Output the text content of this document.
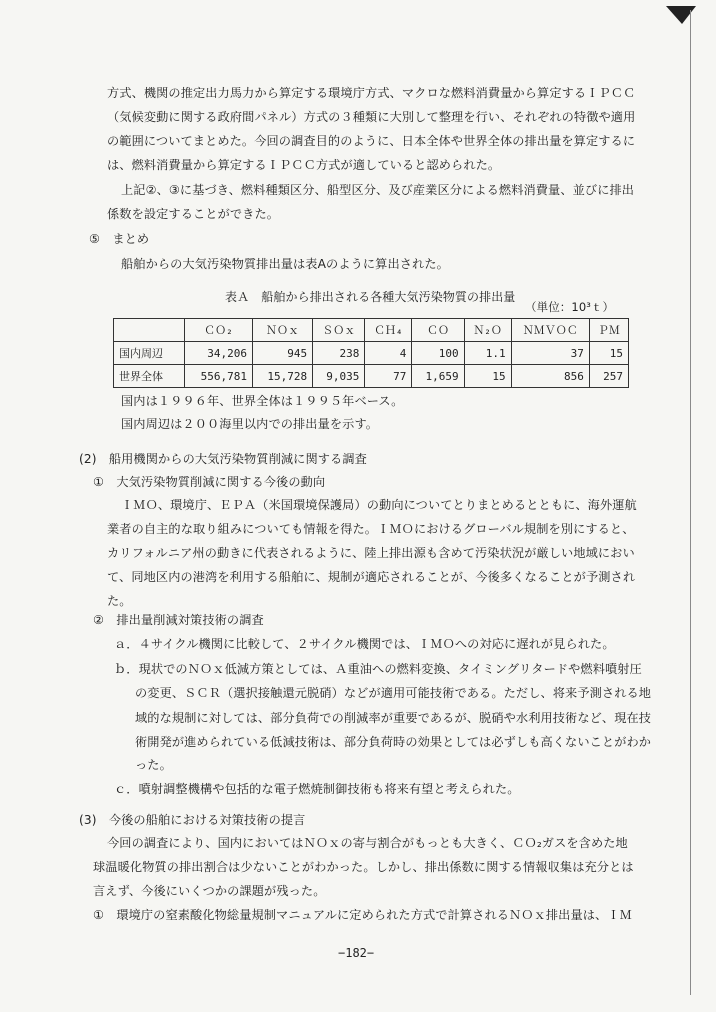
方式、機関の推定出力馬力から算定する環境庁方式、マクロな燃料消費量から算定するＩＰＣＣ
（気候変動に関する政府間パネル）方式の３種類に大別して整理を行い、それぞれの特徴や適用
の範囲についてまとめた。今回の調査目的のように、日本全体や世界全体の排出量を算定するに
は、燃料消費量から算定するＩＰＣＣ方式が適していると認められた。
上記②、③に基づき、燃料種類区分、船型区分、及び産業区分による燃料消費量、並びに排出
係数を設定することができた。
⑤　まとめ
船舶からの大気汚染物質排出量は表Aのように算出された。
表Ａ　船舶から排出される各種大気汚染物質の排出量
（単位：10³ｔ）
	ＣＯ₂	ＮＯｘ	ＳＯｘ	ＣＨ₄	ＣＯ	Ｎ₂Ｏ	ＮＭＶＯＣ	ＰＭ
国内周辺	34,206	945	238	4	100	1.1	37	15
世界全体	556,781	15,728	9,035	77	1,659	15	856	257
国内は１９９６年、世界全体は１９９５年ベース。
国内周辺は２００海里以内での排出量を示す。
(2)　船用機関からの大気汚染物質削減に関する調査
①　大気汚染物質削減に関する今後の動向
ＩＭＯ、環境庁、ＥＰＡ（米国環境保護局）の動向についてとりまとめるとともに、海外運航
業者の自主的な取り組みについても情報を得た。ＩＭＯにおけるグローバル規制を別にすると、
カリフォルニア州の動きに代表されるように、陸上排出源も含めて汚染状況が厳しい地域におい
て、同地区内の港湾を利用する船舶に、規制が適応されることが、今後多くなることが予測され
た。
②　排出量削減対策技術の調査
ａ．４サイクル機関に比較して、２サイクル機関では、ＩＭＯへの対応に遅れが見られた。
ｂ．現状でのＮＯｘ低減方策としては、Ａ重油への燃料変換、タイミングリタードや燃料噴射圧
の変更、ＳＣＲ（選択接触還元脱硝）などが適用可能技術である。ただし、将来予測される地
域的な規制に対しては、部分負荷での削減率が重要であるが、脱硝や水利用技術など、現在技
術開発が進められている低減技術は、部分負荷時の効果としては必ずしも高くないことがわか
った。
ｃ．噴射調整機構や包括的な電子燃焼制御技術も将来有望と考えられた。
(3)　今後の船舶における対策技術の提言
今回の調査により、国内においてはＮＯｘの寄与割合がもっとも大きく、ＣＯ₂ガスを含めた地
球温暖化物質の排出割合は少ないことがわかった。しかし、排出係数に関する情報収集は充分とは
言えず、今後にいくつかの課題が残った。
①　環境庁の窒素酸化物総量規制マニュアルに定められた方式で計算されるＮＯｘ排出量は、ＩＭ
−182−
